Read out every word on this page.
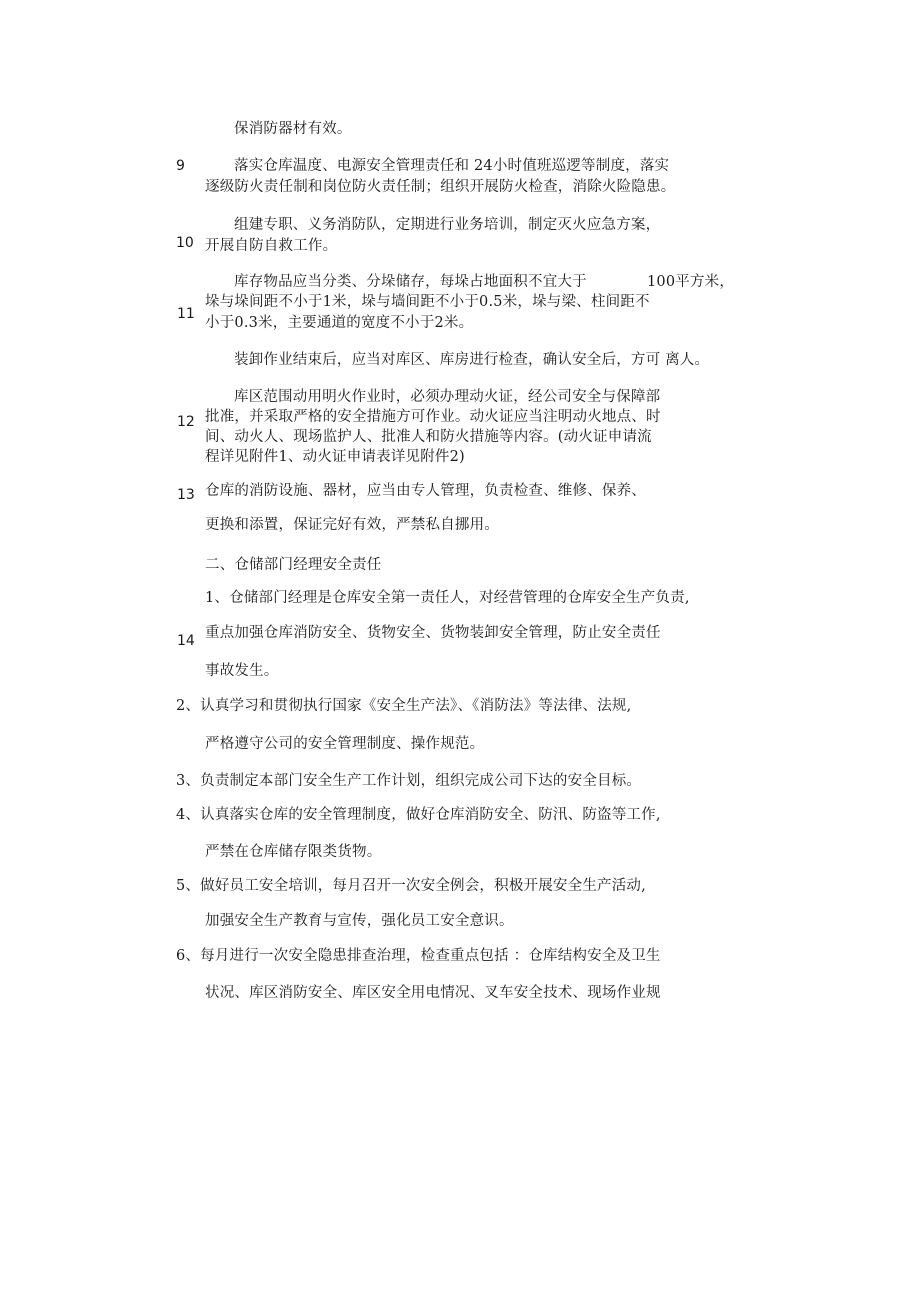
9
10
11
12
13
14
保消防器材有效。
落实仓库温度、电源安全管理责任和 24小时值班巡逻等制度，落实
逐级防火责任制和岗位防火责任制；组织开展防火检查，消除火险隐患。
组建专职、义务消防队，定期进行业务培训，制定灭火应急方案，
开展自防自救工作。
库存物品应当分类、分垛储存，每垛占地面积不宜大于	100平方米，
垛与垛间距不小于1米，垛与墙间距不小于0.5米，垛与梁、柱间距不
小于0.3米，主要通道的宽度不小于2米。
装卸作业结束后，应当对库区、库房进行检查，确认安全后，方可 离人。
库区范围动用明火作业时，必须办理动火证，经公司安全与保障部
批准，并采取严格的安全措施方可作业。动火证应当注明动火地点、时
间、动火人、现场监护人、批准人和防火措施等内容。(动火证申请流
程详见附件1、动火证申请表详见附件2)
仓库的消防设施、器材，应当由专人管理，负责检查、维修、保养、
更换和添置，保证完好有效，严禁私自挪用。
二、仓储部门经理安全责任
1、仓储部门经理是仓库安全第一责任人，对经营管理的仓库安全生产负责,
重点加强仓库消防安全、货物安全、货物装卸安全管理，防止安全责任
事故发生。
2、认真学习和贯彻执行国家《安全生产法》、《消防法》等法律、法规,
严格遵守公司的安全管理制度、操作规范。
3、负责制定本部门安全生产工作计划，组织完成公司下达的安全目标。
4、认真落实仓库的安全管理制度，做好仓库消防安全、防汛、防盗等工作,
严禁在仓库储存限类货物。
5、做好员工安全培训，每月召开一次安全例会，积极开展安全生产活动,
加强安全生产教育与宣传，强化员工安全意识。
6、每月进行一次安全隐患排查治理，检查重点包括 ：仓库结构安全及卫生
状况、库区消防安全、库区安全用电情况、叉车安全技术、现场作业规
